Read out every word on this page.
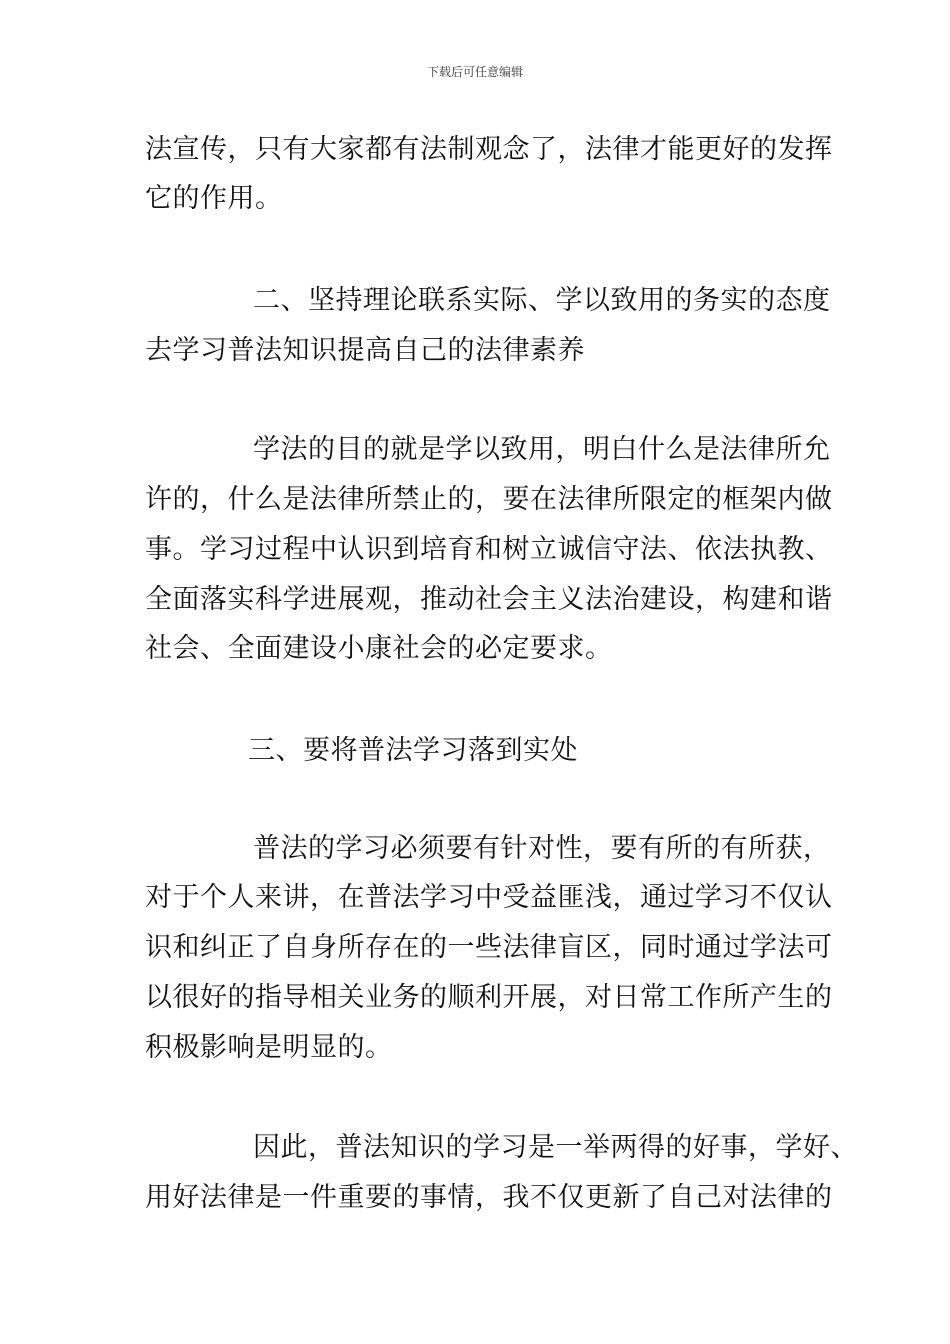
下载后可任意编辑
法宣传，只有大家都有法制观念了，法律才能更好的发挥
它的作用。
二、坚持理论联系实际、学以致用的务实的态度
去学习普法知识提高自己的法律素养
学法的目的就是学以致用，明白什么是法律所允
许的，什么是法律所禁止的，要在法律所限定的框架内做
事。学习过程中认识到培育和树立诚信守法、依法执教、
全面落实科学进展观，推动社会主义法治建设，构建和谐
社会、全面建设小康社会的必定要求。
三、要将普法学习落到实处
普法的学习必须要有针对性，要有所的有所获，
对于个人来讲，在普法学习中受益匪浅，通过学习不仅认
识和纠正了自身所存在的一些法律盲区，同时通过学法可
以很好的指导相关业务的顺利开展，对日常工作所产生的
积极影响是明显的。
因此，普法知识的学习是一举两得的好事，学好、
用好法律是一件重要的事情，我不仅更新了自己对法律的
